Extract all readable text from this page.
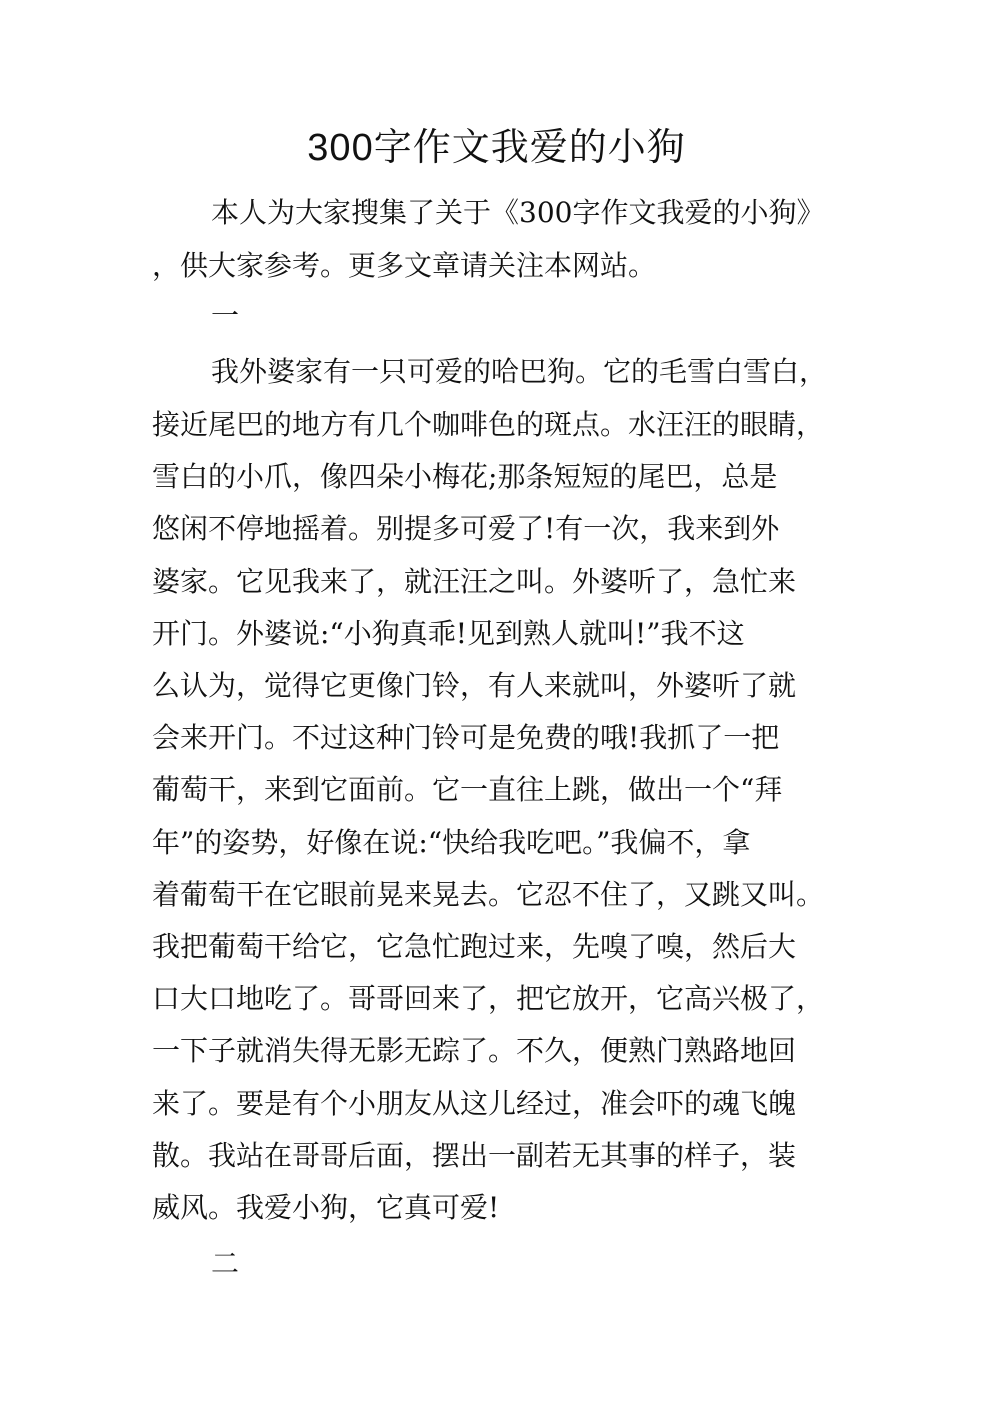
300字作文我爱的小狗

本人为大家搜集了关于《300字作文我爱的小狗》

，供大家参考。更多文章请关注本网站。

一

我外婆家有一只可爱的哈巴狗。它的毛雪白雪白，

接近尾巴的地方有几个咖啡色的斑点。水汪汪的眼睛，

雪白的小爪，像四朵小梅花;那条短短的尾巴，总是

悠闲不停地摇着。别提多可爱了!有一次，我来到外

婆家。它见我来了，就汪汪之叫。外婆听了，急忙来

开门。外婆说:“小狗真乖!见到熟人就叫!”我不这

么认为，觉得它更像门铃，有人来就叫，外婆听了就

会来开门。不过这种门铃可是免费的哦!我抓了一把

葡萄干，来到它面前。它一直往上跳，做出一个“拜

年”的姿势，好像在说:“快给我吃吧。”我偏不，拿

着葡萄干在它眼前晃来晃去。它忍不住了，又跳又叫。

我把葡萄干给它，它急忙跑过来，先嗅了嗅，然后大

口大口地吃了。哥哥回来了，把它放开，它高兴极了，

一下子就消失得无影无踪了。不久，便熟门熟路地回

来了。要是有个小朋友从这儿经过，准会吓的魂飞魄

散。我站在哥哥后面，摆出一副若无其事的样子，装

威风。我爱小狗，它真可爱!

二
